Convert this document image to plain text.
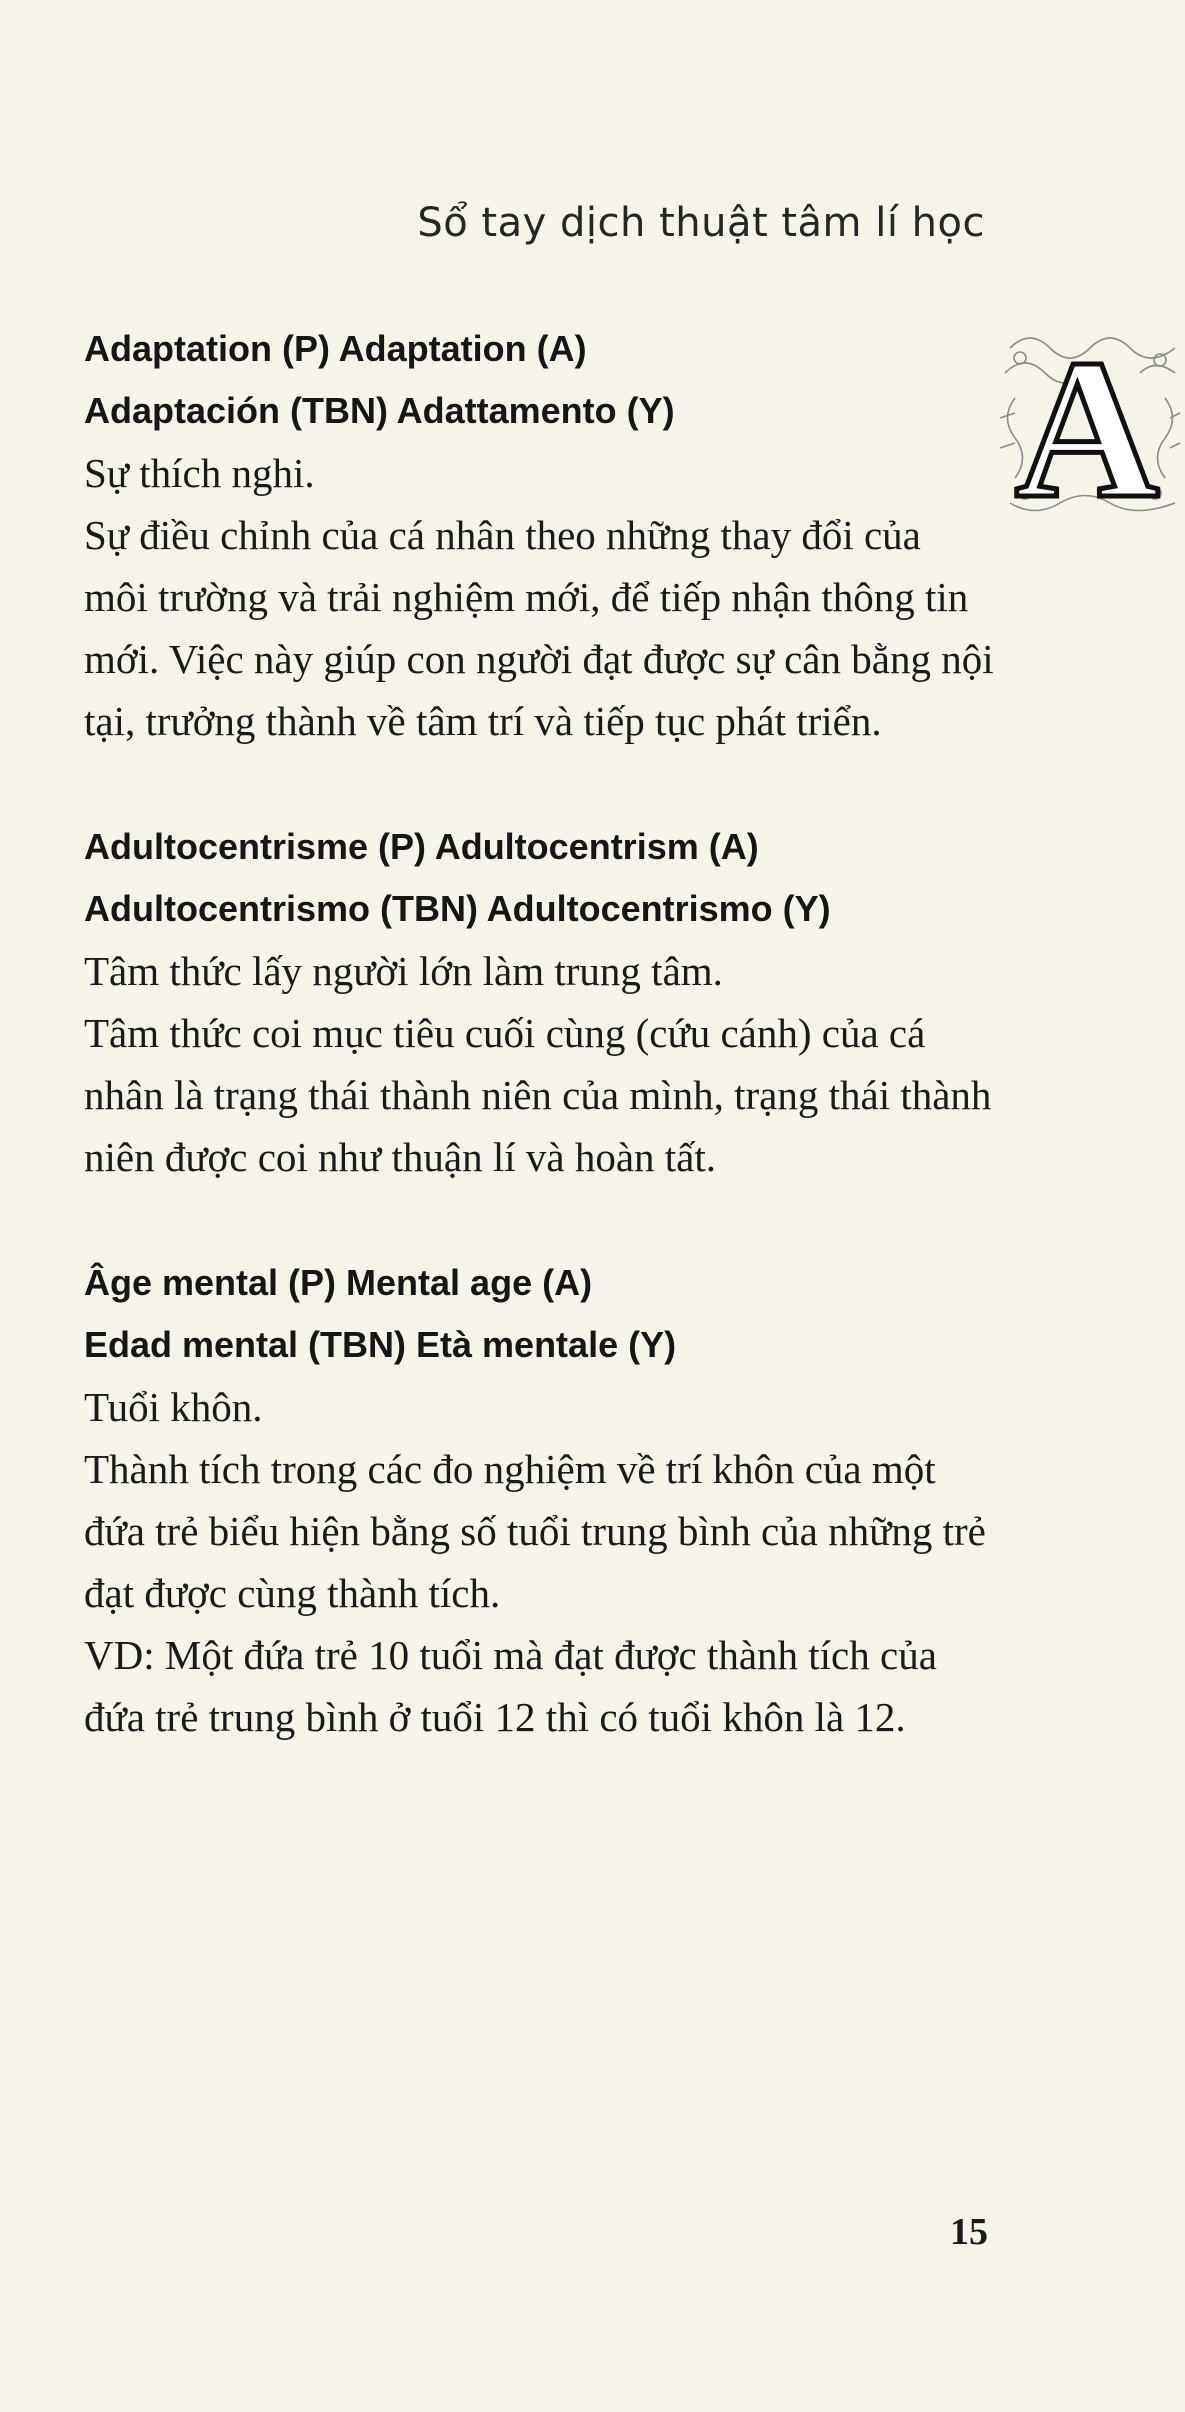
Sổ tay dịch thuật tâm lí học
A
Adaptation (P) Adaptation (A)
Adaptación (TBN) Adattamento (Y)
Sự thích nghi.
Sự điều chỉnh của cá nhân theo những thay đổi của môi trường và trải nghiệm mới, để tiếp nhận thông tin mới. Việc này giúp con người đạt được sự cân bằng nội tại, trưởng thành về tâm trí và tiếp tục phát triển.
Adultocentrisme (P) Adultocentrism (A)
Adultocentrismo (TBN) Adultocentrismo (Y)
Tâm thức lấy người lớn làm trung tâm.
Tâm thức coi mục tiêu cuối cùng (cứu cánh) của cá nhân là trạng thái thành niên của mình, trạng thái thành niên được coi như thuận lí và hoàn tất.
Âge mental (P) Mental age (A)
Edad mental (TBN) Età mentale (Y)
Tuổi khôn.
Thành tích trong các đo nghiệm về trí khôn của một đứa trẻ biểu hiện bằng số tuổi trung bình của những trẻ đạt được cùng thành tích.
VD: Một đứa trẻ 10 tuổi mà đạt được thành tích của đứa trẻ trung bình ở tuổi 12 thì có tuổi khôn là 12.
15
